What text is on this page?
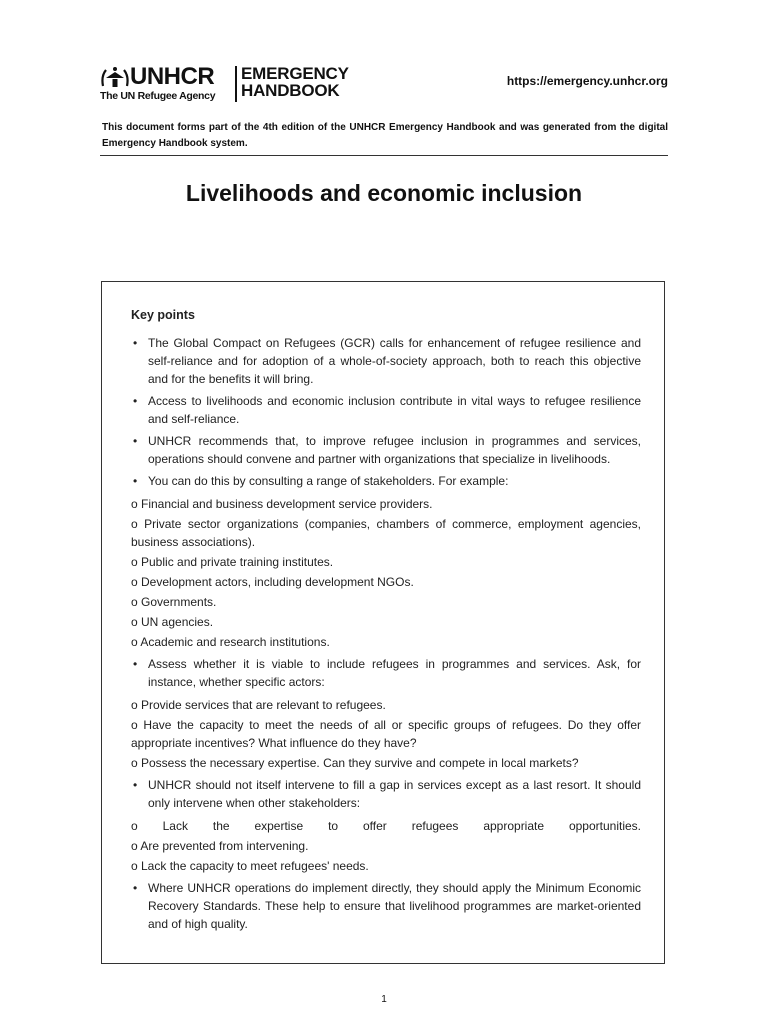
UNHCR
The UN Refugee Agency
EMERGENCY
HANDBOOK	https://emergency.unhcr.org
This document forms part of the 4th edition of the UNHCR Emergency Handbook and was generated from the digital Emergency Handbook system.
Livelihoods and economic inclusion
Key points
• The Global Compact on Refugees (GCR) calls for enhancement of refugee resilience and self-reliance and for adoption of a whole-of-society approach, both to reach this objective and for the benefits it will bring.
• Access to livelihoods and economic inclusion contribute in vital ways to refugee resilience and self-reliance.
• UNHCR recommends that, to improve refugee inclusion in programmes and services, operations should convene and partner with organizations that specialize in livelihoods.
• You can do this by consulting a range of stakeholders. For example:
o Financial and business development service providers.
o Private sector organizations (companies, chambers of commerce, employment agencies, business associations).
o Public and private training institutes.
o Development actors, including development NGOs.
o Governments.
o UN agencies.
o Academic and research institutions.
• Assess whether it is viable to include refugees in programmes and services. Ask, for instance, whether specific actors:
o Provide services that are relevant to refugees.
o Have the capacity to meet the needs of all or specific groups of refugees. Do they offer appropriate incentives? What influence do they have?
o Possess the necessary expertise. Can they survive and compete in local markets?
• UNHCR should not itself intervene to fill a gap in services except as a last resort. It should only intervene when other stakeholders:
o Lack the expertise to offer refugees appropriate opportunities.
o Are prevented from intervening.
o Lack the capacity to meet refugees' needs.
• Where UNHCR operations do implement directly, they should apply the Minimum Economic Recovery Standards. These help to ensure that livelihood programmes are market-oriented and of high quality.
1
